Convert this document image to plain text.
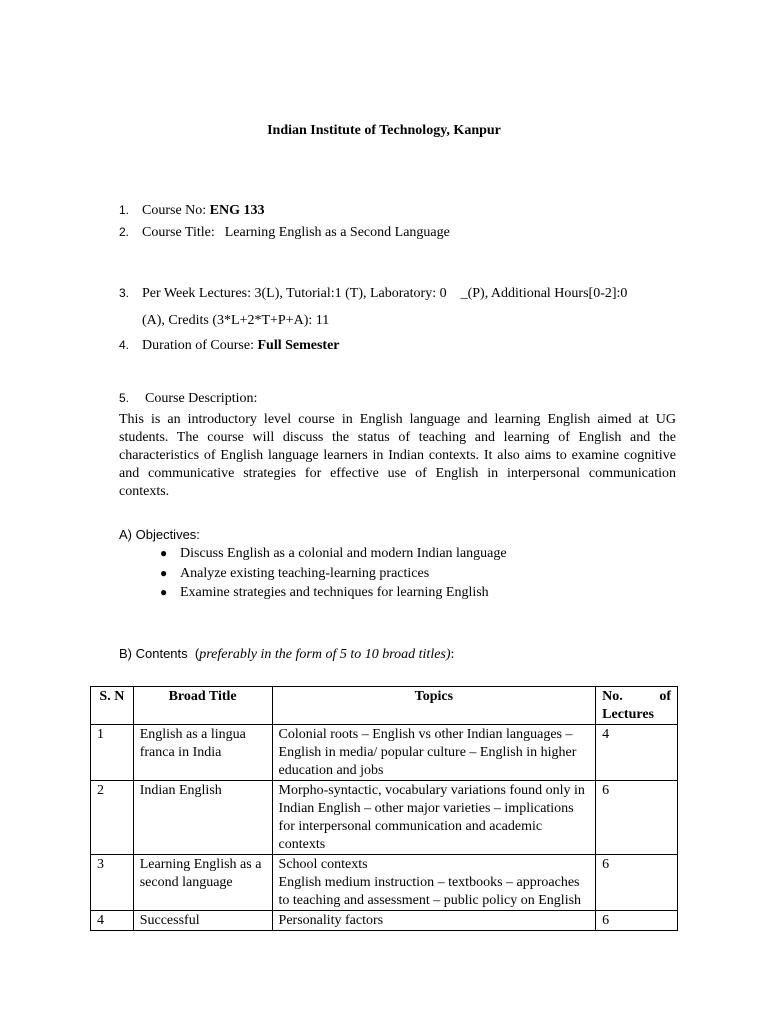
Indian Institute of Technology, Kanpur
1. Course No: ENG 133
2. Course Title: Learning English as a Second Language
3. Per Week Lectures: 3(L), Tutorial:1 (T), Laboratory: 0    _(P), Additional Hours[0-2]:0
(A), Credits (3*L+2*T+P+A): 11
4. Duration of Course: Full Semester
5. Course Description:
This is an introductory level course in English language and learning English aimed at UG students. The course will discuss the status of teaching and learning of English and the characteristics of English language learners in Indian contexts. It also aims to examine cognitive and communicative strategies for effective use of English in interpersonal communication contexts.
A) Objectives:
● Discuss English as a colonial and modern Indian language
● Analyze existing teaching-learning practices
● Examine strategies and techniques for learning English
B) Contents  (preferably in the form of 5 to 10 broad titles):
S. N	Broad Title	Topics	No. of
Lectures

1	English as a lingua franca in India	Colonial roots – English vs other Indian languages – English in media/ popular culture – English in higher education and jobs	4
2	Indian English	Morpho-syntactic, vocabulary variations found only in Indian English – other major varieties – implications for interpersonal communication and academic contexts	6
3	Learning English as a second language	School contexts
English medium instruction – textbooks – approaches to teaching and assessment – public policy on English	6
4	Successful	Personality factors	6
